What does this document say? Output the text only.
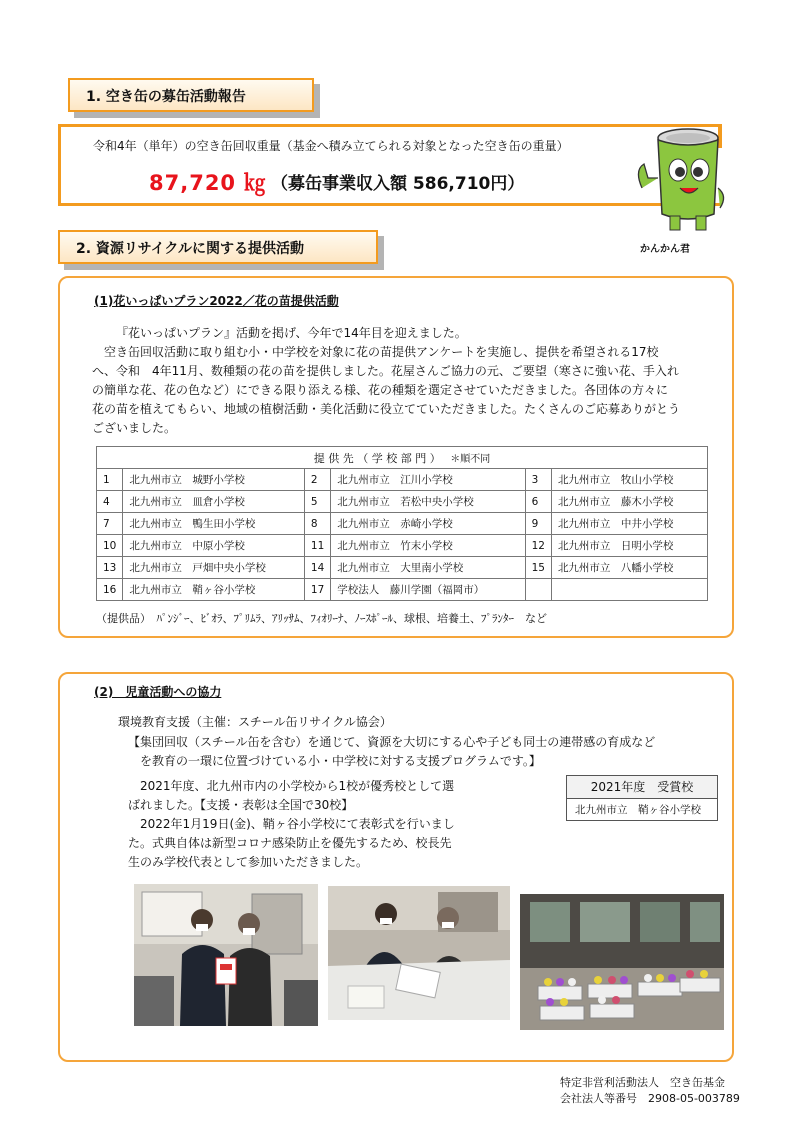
1. 空き缶の募缶活動報告
令和4年（単年）の空き缶回収重量（基金へ積み立てられる対象となった空き缶の重量）
87,720 ㎏ （募缶事業収入額 586,710円）
かんかん君
2. 資源リサイクルに関する提供活動
(1)花いっぱいプラン2022／花の苗提供活動
『花いっぱいプラン』活動を掲げ、今年で14年目を迎えました。
空き缶回収活動に取り組む小・中学校を対象に花の苗提供アンケートを実施し、提供を希望される17校
へ、令和　4年11月、数種類の花の苗を提供しました。花屋さんご協力の元、ご要望（寒さに強い花、手入れ
の簡単な花、花の色など）にできる限り添える様、花の種類を選定させていただきました。各団体の方々に
花の苗を植えてもらい、地域の植樹活動・美化活動に役立てていただきました。たくさんのご応募ありがとう
ございました。
提 供 先 （ 学 校 部 門 ） ＊順不同					
1	北九州市立　城野小学校	2	北九州市立　江川小学校	3	北九州市立　牧山小学校
4	北九州市立　皿倉小学校	5	北九州市立　若松中央小学校	6	北九州市立　藤木小学校
7	北九州市立　鴨生田小学校	8	北九州市立　赤崎小学校	9	北九州市立　中井小学校
10	北九州市立　中原小学校	11	北九州市立　竹末小学校	12	北九州市立　日明小学校
13	北九州市立　戸畑中央小学校	14	北九州市立　大里南小学校	15	北九州市立　八幡小学校
16	北九州市立　鞘ヶ谷小学校	17	学校法人　藤川学園（福岡市）		
（提供品）　ﾊﾟﾝｼﾞｰ、ﾋﾞｵﾗ、ﾌﾟﾘﾑﾗ、ｱﾘｯｻﾑ、ﾌｨｵﾘｰﾅ、ﾉｰｽﾎﾟｰﾙ、球根、培養土、ﾌﾟﾗﾝﾀｰ　など
(2)　児童活動への協力
環境教育支援（主催：スチール缶リサイクル協会）
【集団回収（スチール缶を含む）を通じて、資源を大切にする心や子ども同士の連帯感の育成など
を教育の一環に位置づけている小・中学校に対する支援プログラムです。】
　2021年度、北九州市内の小学校から1校が優秀校として選
ばれました。【支援・表彰は全国で30校】
　2022年1月19日(金)、鞘ヶ谷小学校にて表彰式を行いまし
た。式典自体は新型コロナ感染防止を優先するため、校長先
生のみ学校代表として参加いただきました。
2021年度　受賞校
北九州市立　鞘ヶ谷小学校
特定非営利活動法人　空き缶基金
会社法人等番号　2908-05-003789
